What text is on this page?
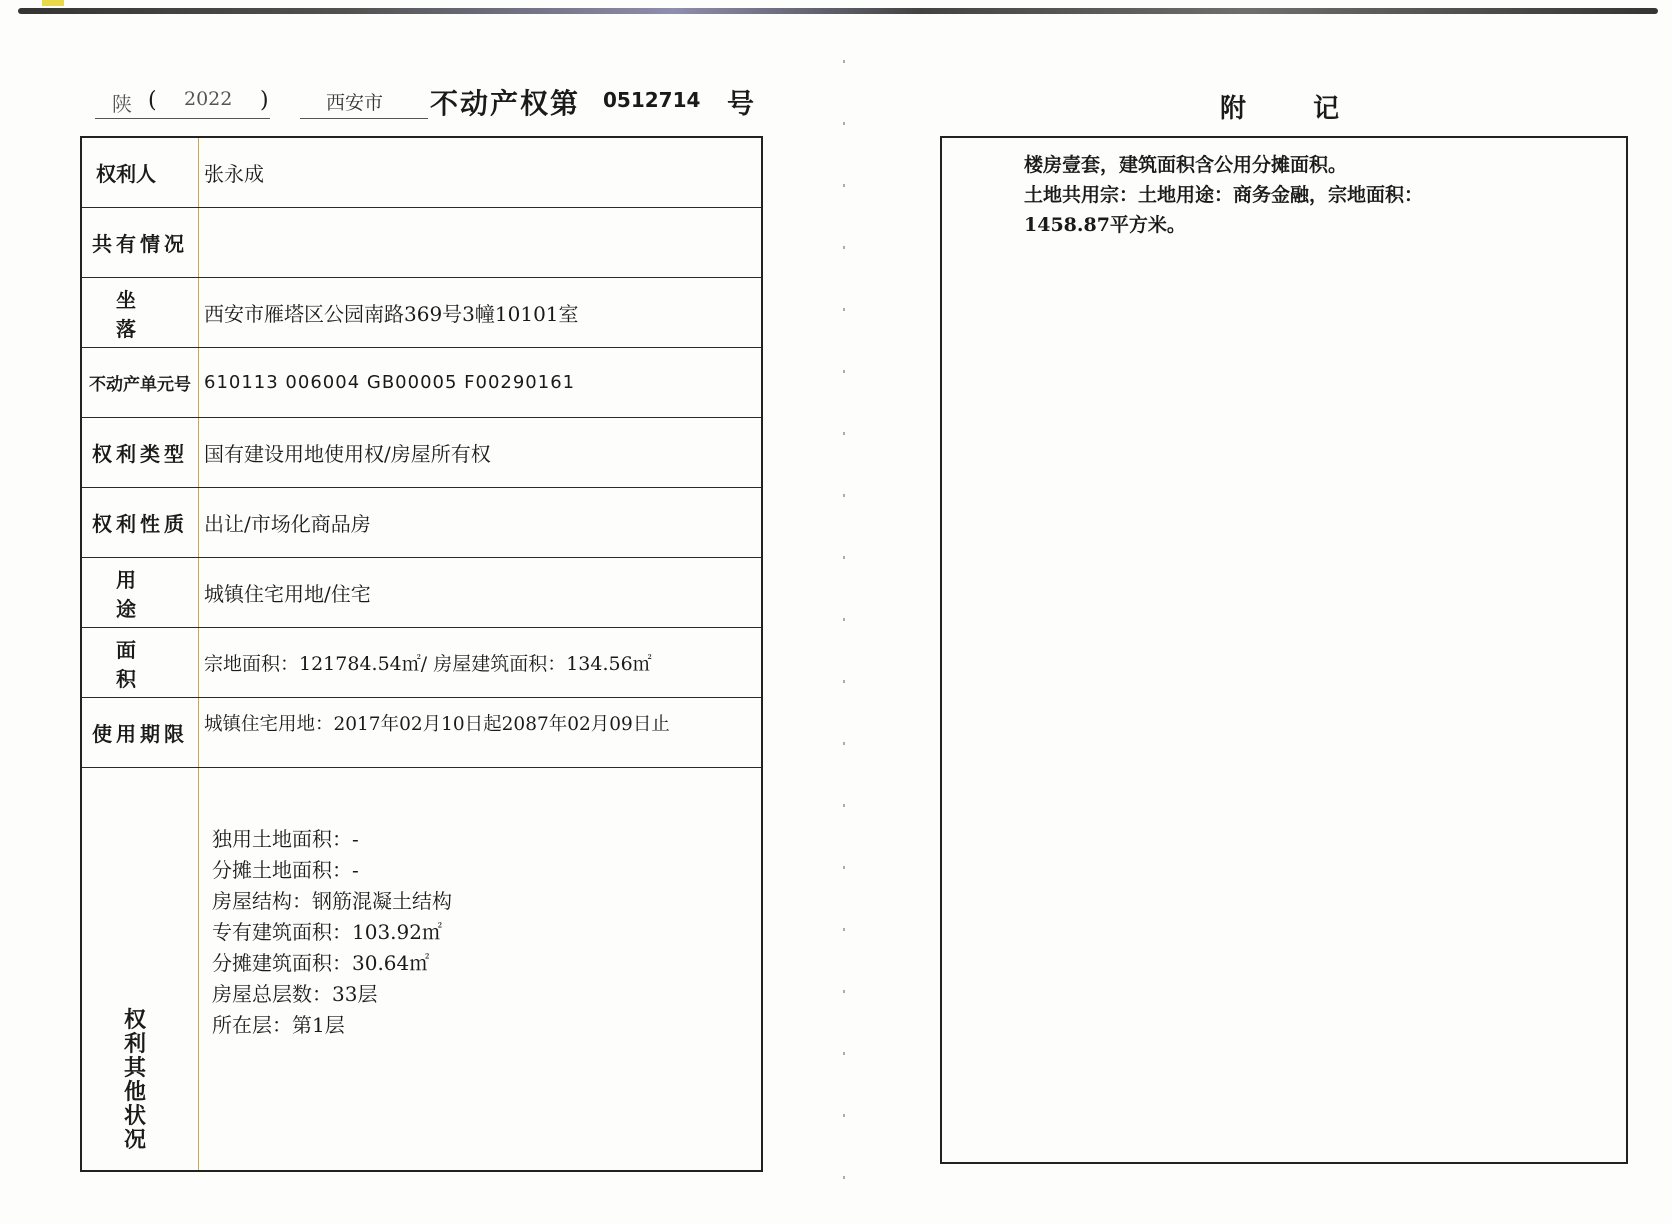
陕 ( 2022 )	西安市 不动产权第 0512714 号
权利人 张永成
共有情况
坐落
西安市雁塔区公园南路369号3幢10101室
不动产单元号 610113 006004 GB00005 F00290161
权利类型 国有建设用地使用权/房屋所有权
权利性质 出让/市场化商品房
用途
城镇住宅用地/住宅
面积
宗地面积：121784.54㎡/ 房屋建筑面积：134.56㎡
使用期限 城镇住宅用地：2017年02月10日起2087年02月09日止
权利其他状况
独用土地面积：-
分摊土地面积：-
房屋结构：钢筋混凝土结构
专有建筑面积：103.92㎡
分摊建筑面积：30.64㎡
房屋总层数：33层
所在层：第1层
附	记
楼房壹套，建筑面积含公用分摊面积。
土地共用宗：土地用途：商务金融，宗地面积：
1458.87平方米。
